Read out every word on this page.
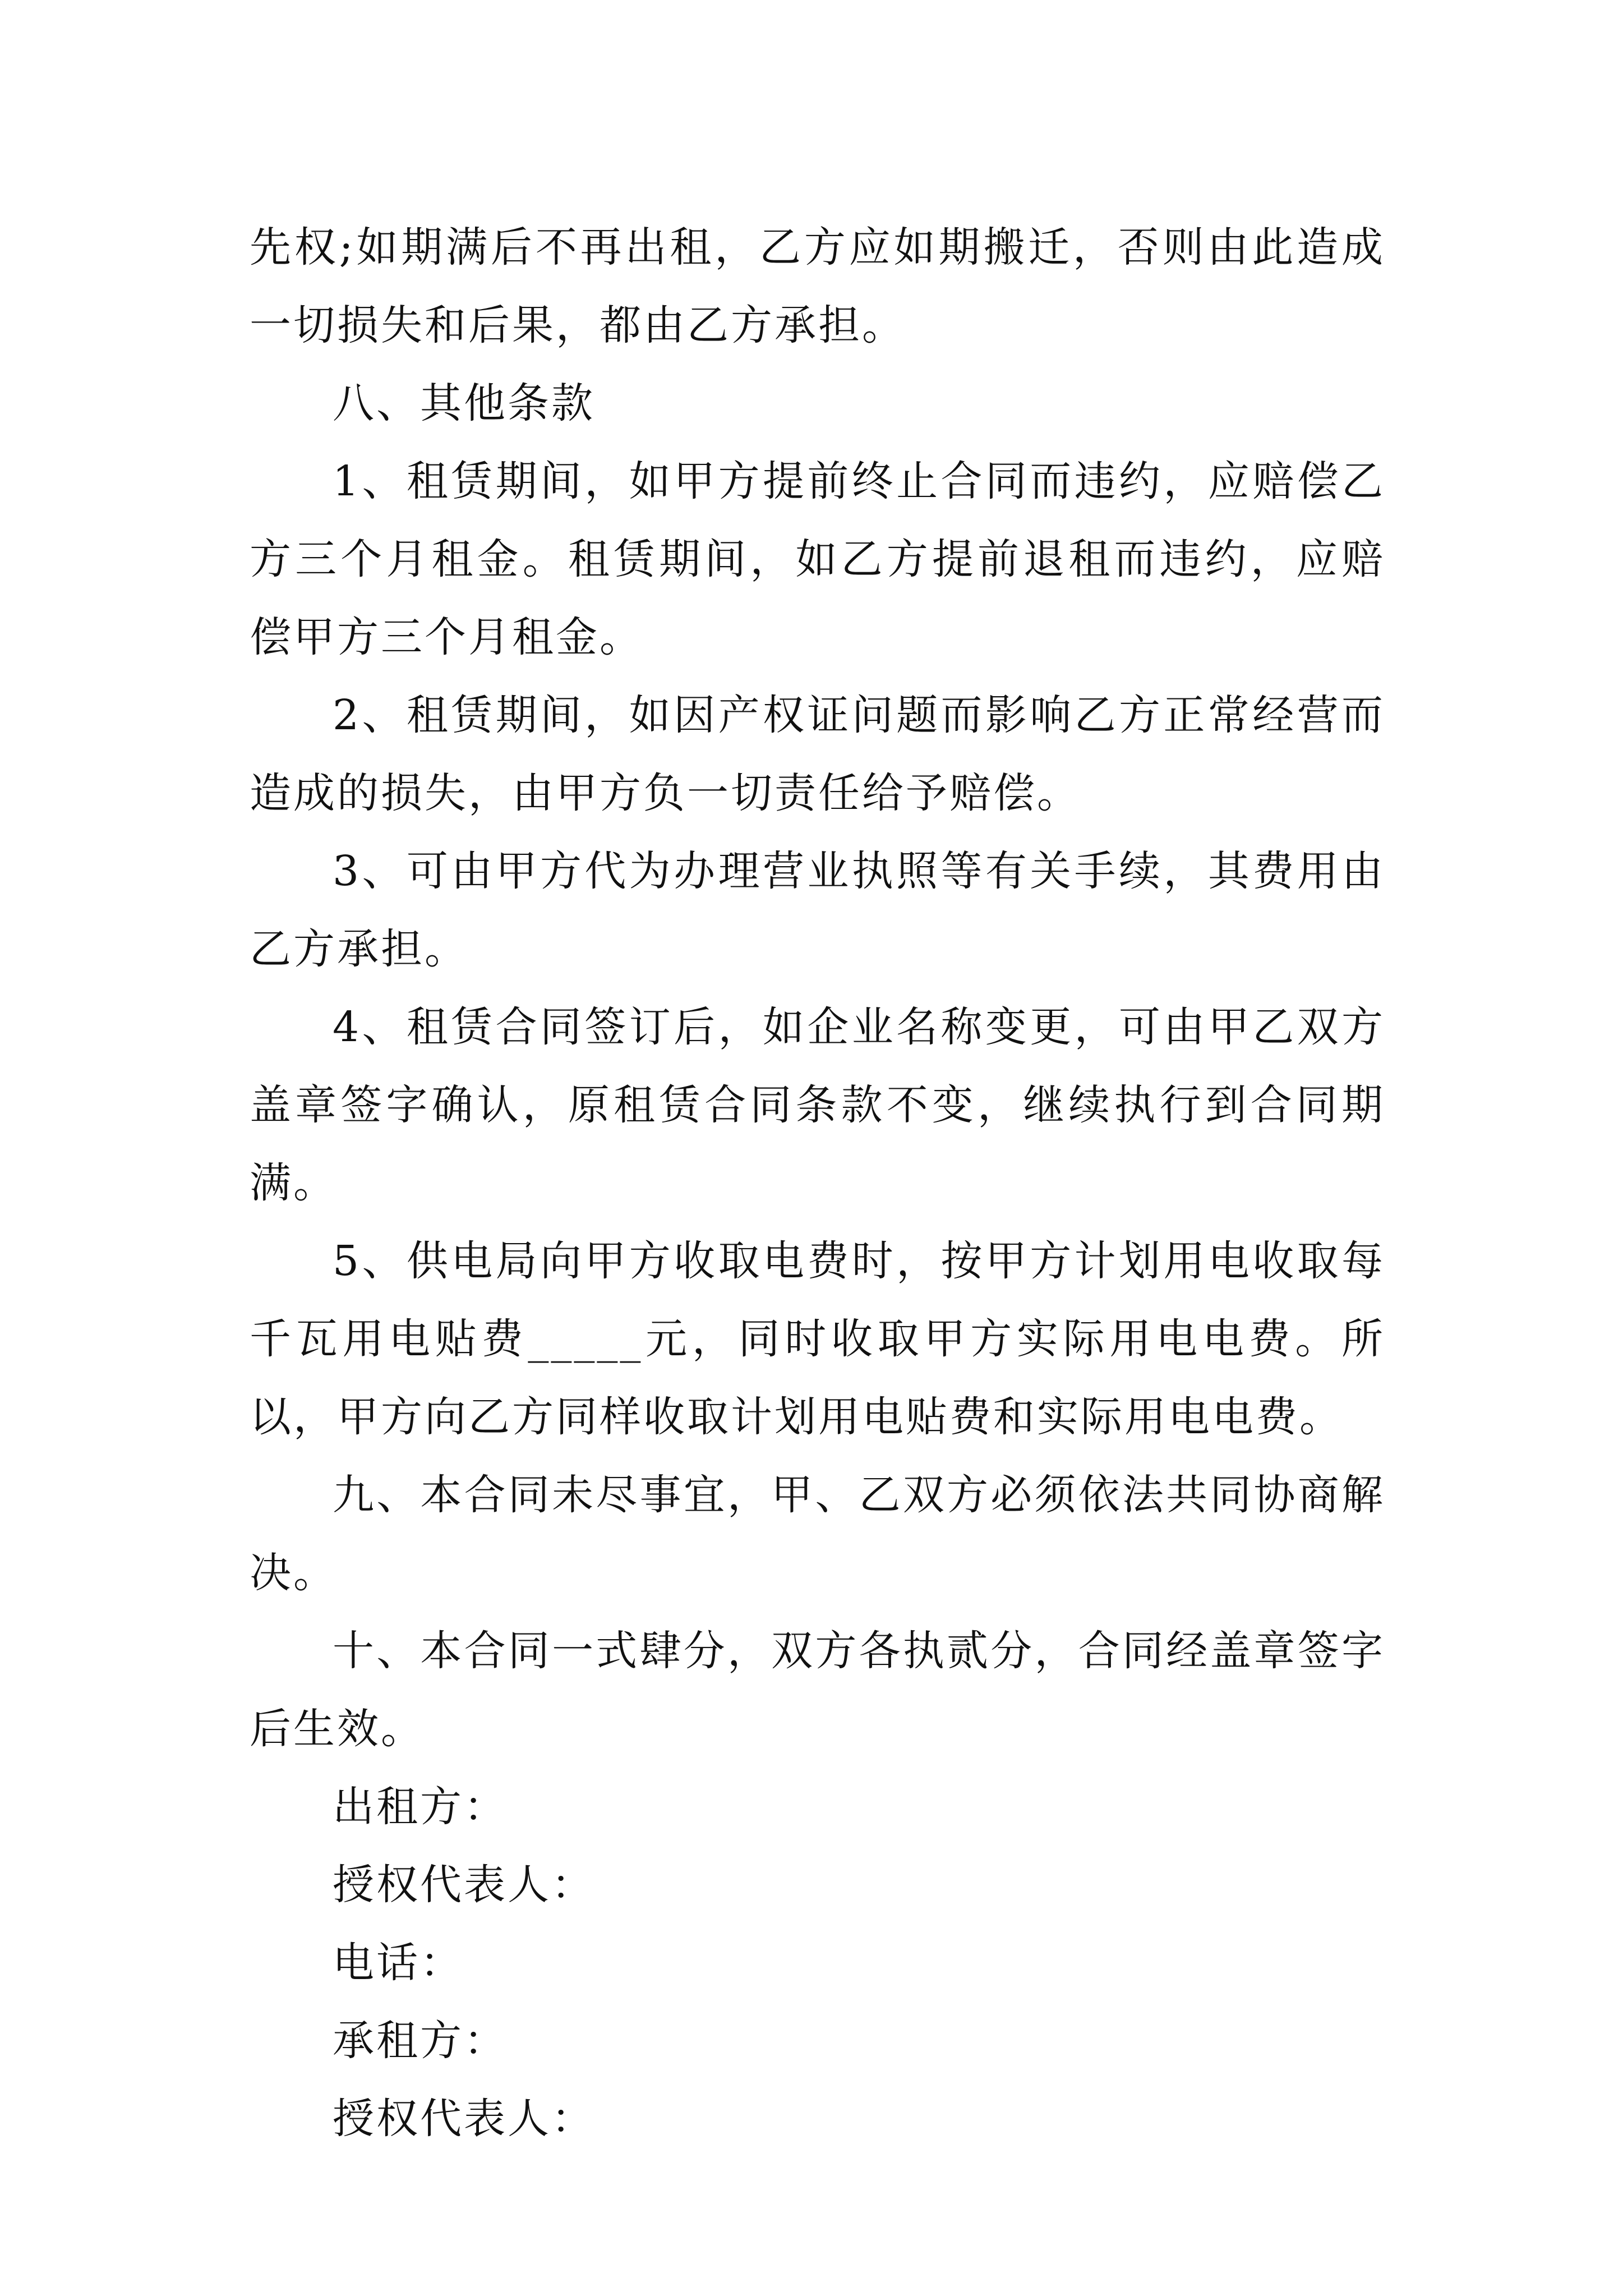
先权;如期满后不再出租，乙方应如期搬迁，否则由此造成一切损失和后果，都由乙方承担。

八、其他条款

1、租赁期间，如甲方提前终止合同而违约，应赔偿乙方三个月租金。租赁期间，如乙方提前退租而违约，应赔偿甲方三个月租金。

2、租赁期间，如因产权证问题而影响乙方正常经营而造成的损失，由甲方负一切责任给予赔偿。

3、可由甲方代为办理营业执照等有关手续，其费用由乙方承担。

4、租赁合同签订后，如企业名称变更，可由甲乙双方盖章签字确认，原租赁合同条款不变，继续执行到合同期满。

5、供电局向甲方收取电费时，按甲方计划用电收取每千瓦用电贴费_____元，同时收取甲方实际用电电费。所以，甲方向乙方同样收取计划用电贴费和实际用电电费。

九、本合同未尽事宜，甲、乙双方必须依法共同协商解决。

十、本合同一式肆分，双方各执贰分，合同经盖章签字后生效。

出租方：

授权代表人：

电话：

承租方：

授权代表人：
